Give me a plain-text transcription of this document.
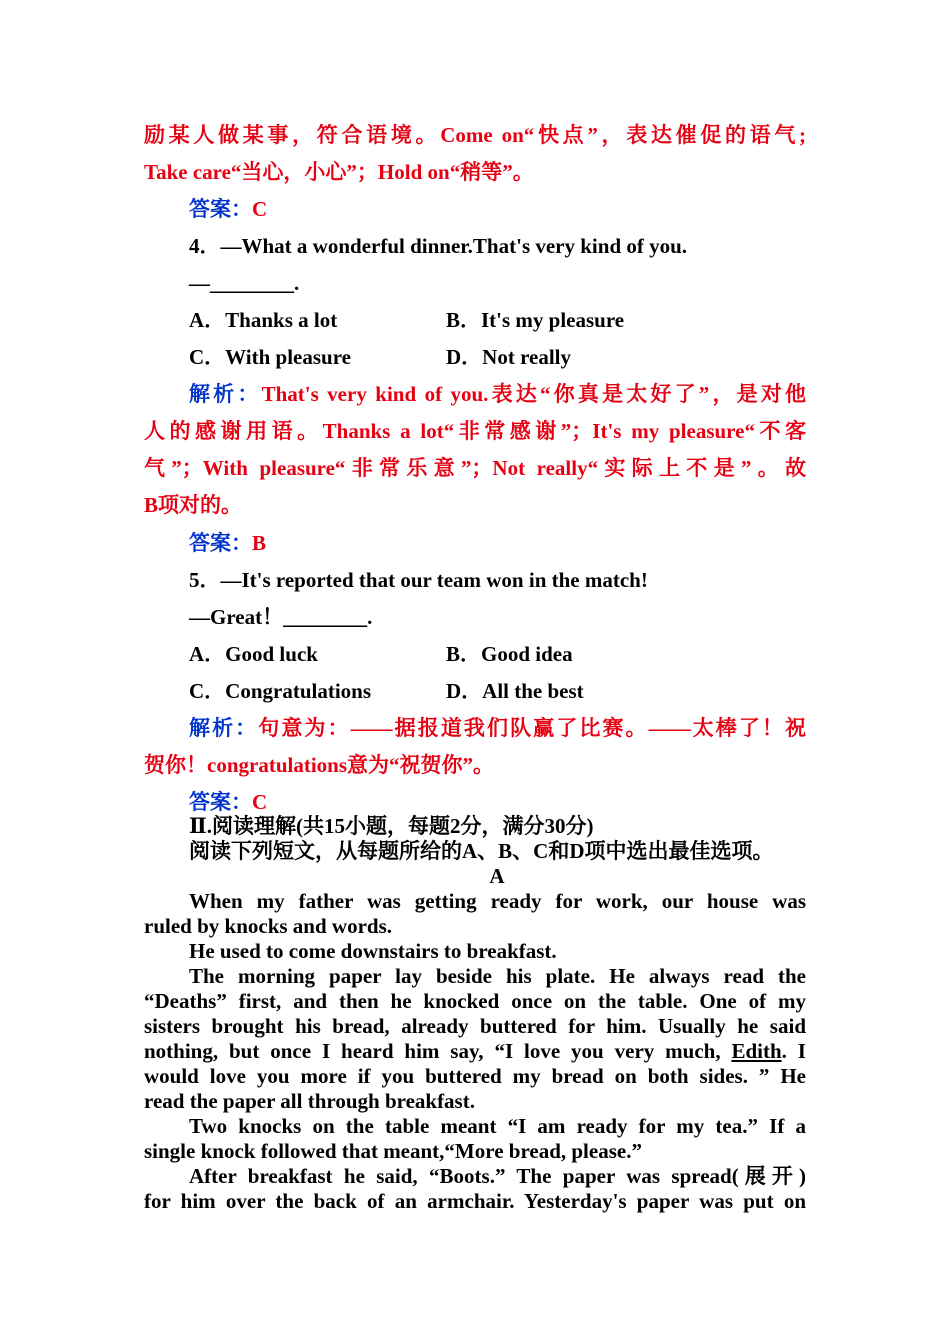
励某人做某事，符合语境。Come on“快点”，表达催促的语气;
Take care“当心，小心”；Hold on“稍等”。
答案：C
4．—What a wonderful dinner.That's very kind of you.
—________.
A．Thanks a lot	B．It's my pleasure
C．With pleasure	D．Not really
解析：That's very kind of you.表达“你真是太好了”，是对他
人的感谢用语。Thanks a lot“非常感谢”；It's my pleasure“不客
气”；With pleasure“非常乐意”；Not really“实际上不是”。故
B项对的。
答案：B
5．—It's reported that our team won in the match!
—Great！________.
A．Good luck	B．Good idea
C．Congratulations	D．All the best
解析：句意为：——据报道我们队赢了比赛。——太棒了！祝
贺你！congratulations意为“祝贺你”。
答案：C
Ⅱ.阅读理解(共15小题，每题2分，满分30分)
阅读下列短文，从每题所给的A、B、C和D项中选出最佳选项。
A
When my father was getting ready for work, our house was
ruled by knocks and words.
He used to come downstairs to breakfast.
The morning paper lay beside his plate. He always read the
“Deaths” first, and then he knocked once on the table. One of my
sisters brought his bread, already buttered for him. Usually he said
nothing, but once I heard him say, “I love you very much, Edith. I
would love you more if you buttered my bread on both sides. ” He
read the paper all through breakfast.
Two knocks on the table meant “I am ready for my tea.” If a
single knock followed that meant,“More bread, please.”
After breakfast he said, “Boots.” The paper was spread(展开)
for him over the back of an armchair. Yesterday's paper was put on
